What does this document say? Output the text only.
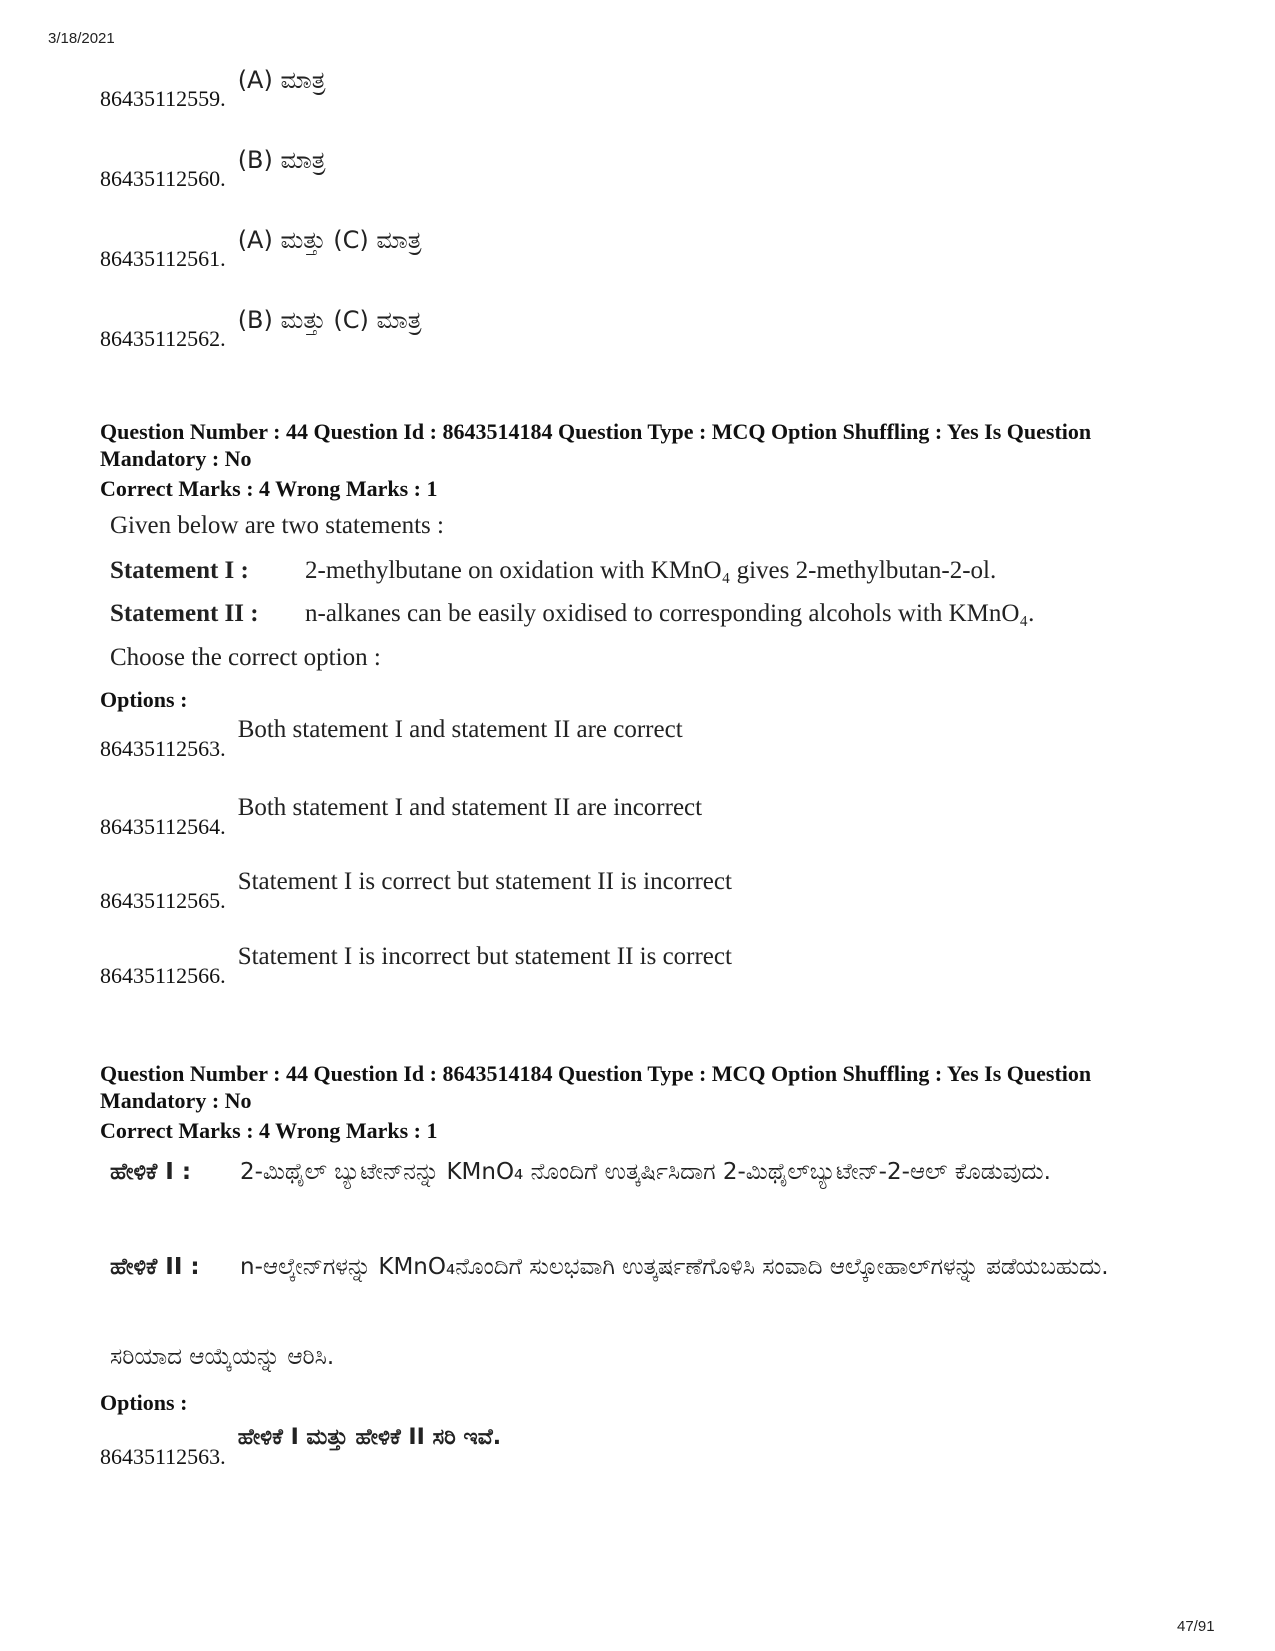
3/18/2021
86435112559.
(A) ಮಾತ್ರ
86435112560.
(B) ಮಾತ್ರ
86435112561.
(A) ಮತ್ತು (C) ಮಾತ್ರ
86435112562.
(B) ಮತ್ತು (C) ಮಾತ್ರ
Question Number : 44 Question Id : 8643514184 Question Type : MCQ Option Shuffling : Yes Is Question Mandatory : No
Correct Marks : 4 Wrong Marks : 1
Given below are two statements :
Statement I :	2-methylbutane on oxidation with KMnO₄ gives 2-methylbutan-2-ol.
Statement II :	n-alkanes can be easily oxidised to corresponding alcohols with KMnO₄.
Choose the correct option :
Options :
86435112563.
Both statement I and statement II are correct
86435112564.
Both statement I and statement II are incorrect
86435112565.
Statement I is correct but statement II is incorrect
86435112566.
Statement I is incorrect but statement II is correct
Question Number : 44 Question Id : 8643514184 Question Type : MCQ Option Shuffling : Yes Is Question Mandatory : No
Correct Marks : 4 Wrong Marks : 1
ಹೇಳಿಕೆ I :	2-ಮಿಥೈಲ್ ಬ್ಯುಟೇನ್‌ನನ್ನು KMnO₄ ನೊಂದಿಗೆ ಉತ್ಕರ್ಷಿಸಿದಾಗ 2-ಮಿಥೈಲ್‌ಬ್ಯುಟೇನ್-2-ಆಲ್ ಕೊಡುವುದು.
ಹೇಳಿಕೆ II :	n-ಆಲ್ಕೇನ್‌ಗಳನ್ನು KMnO₄ನೊಂದಿಗೆ ಸುಲಭವಾಗಿ ಉತ್ಕರ್ಷಣೆಗೊಳಿಸಿ ಸಂವಾದಿ ಆಲ್ಕೋಹಾಲ್‌ಗಳನ್ನು ಪಡೆಯಬಹುದು.
ಸರಿಯಾದ ಆಯ್ಕೆಯನ್ನು ಆರಿಸಿ.
Options :
86435112563.
ಹೇಳಿಕೆ I ಮತ್ತು ಹೇಳಿಕೆ II ಸರಿ ಇವೆ.
47/91
